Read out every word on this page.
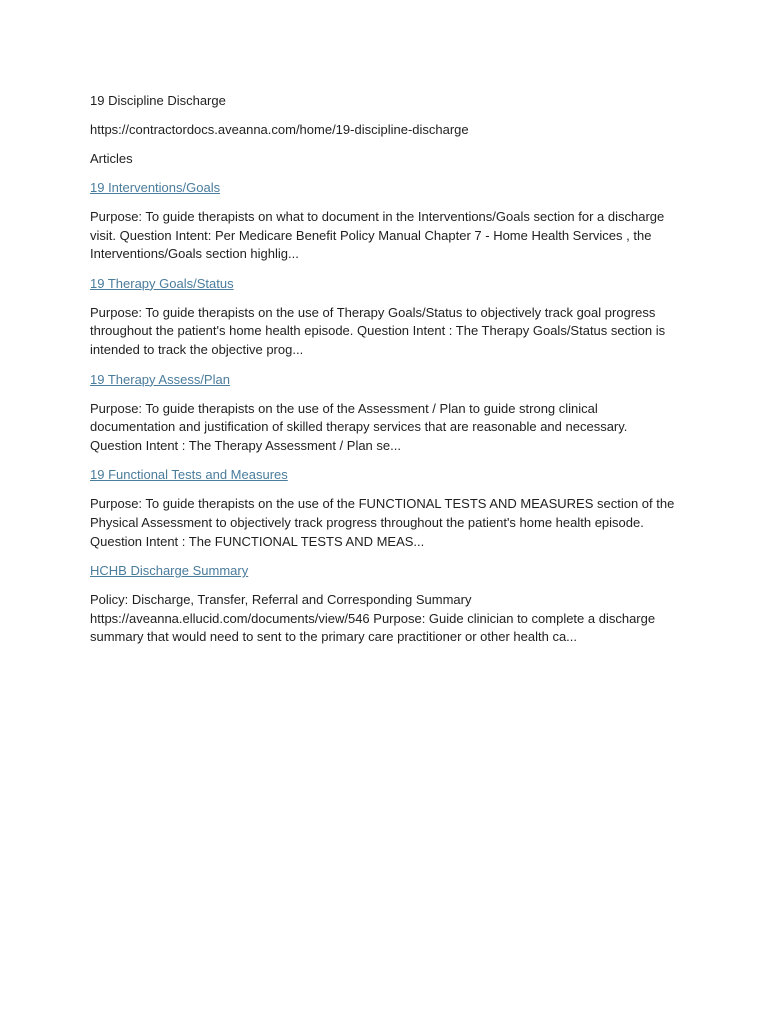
19 Discipline Discharge
https://contractordocs.aveanna.com/home/19-discipline-discharge
Articles
19 Interventions/Goals
Purpose: To guide therapists on what to document in the Interventions/Goals section for a discharge visit. Question Intent: Per Medicare Benefit Policy Manual Chapter 7 - Home Health Services , the Interventions/Goals section highlig...
19 Therapy Goals/Status
Purpose: To guide therapists on the use of Therapy Goals/Status to objectively track goal progress throughout the patient's home health episode. Question Intent : The Therapy Goals/Status section is intended to track the objective prog...
19 Therapy Assess/Plan
Purpose: To guide therapists on the use of the Assessment / Plan to guide strong clinical documentation and justification of skilled therapy services that are reasonable and necessary. Question Intent : The Therapy Assessment / Plan se...
19 Functional Tests and Measures
Purpose: To guide therapists on the use of the FUNCTIONAL TESTS AND MEASURES section of the Physical Assessment to objectively track progress throughout the patient's home health episode. Question Intent : The FUNCTIONAL TESTS AND MEAS...
HCHB Discharge Summary
Policy: Discharge, Transfer, Referral and Corresponding Summary https://aveanna.ellucid.com/documents/view/546 Purpose: Guide clinician to complete a discharge summary that would need to sent to the primary care practitioner or other health ca...
